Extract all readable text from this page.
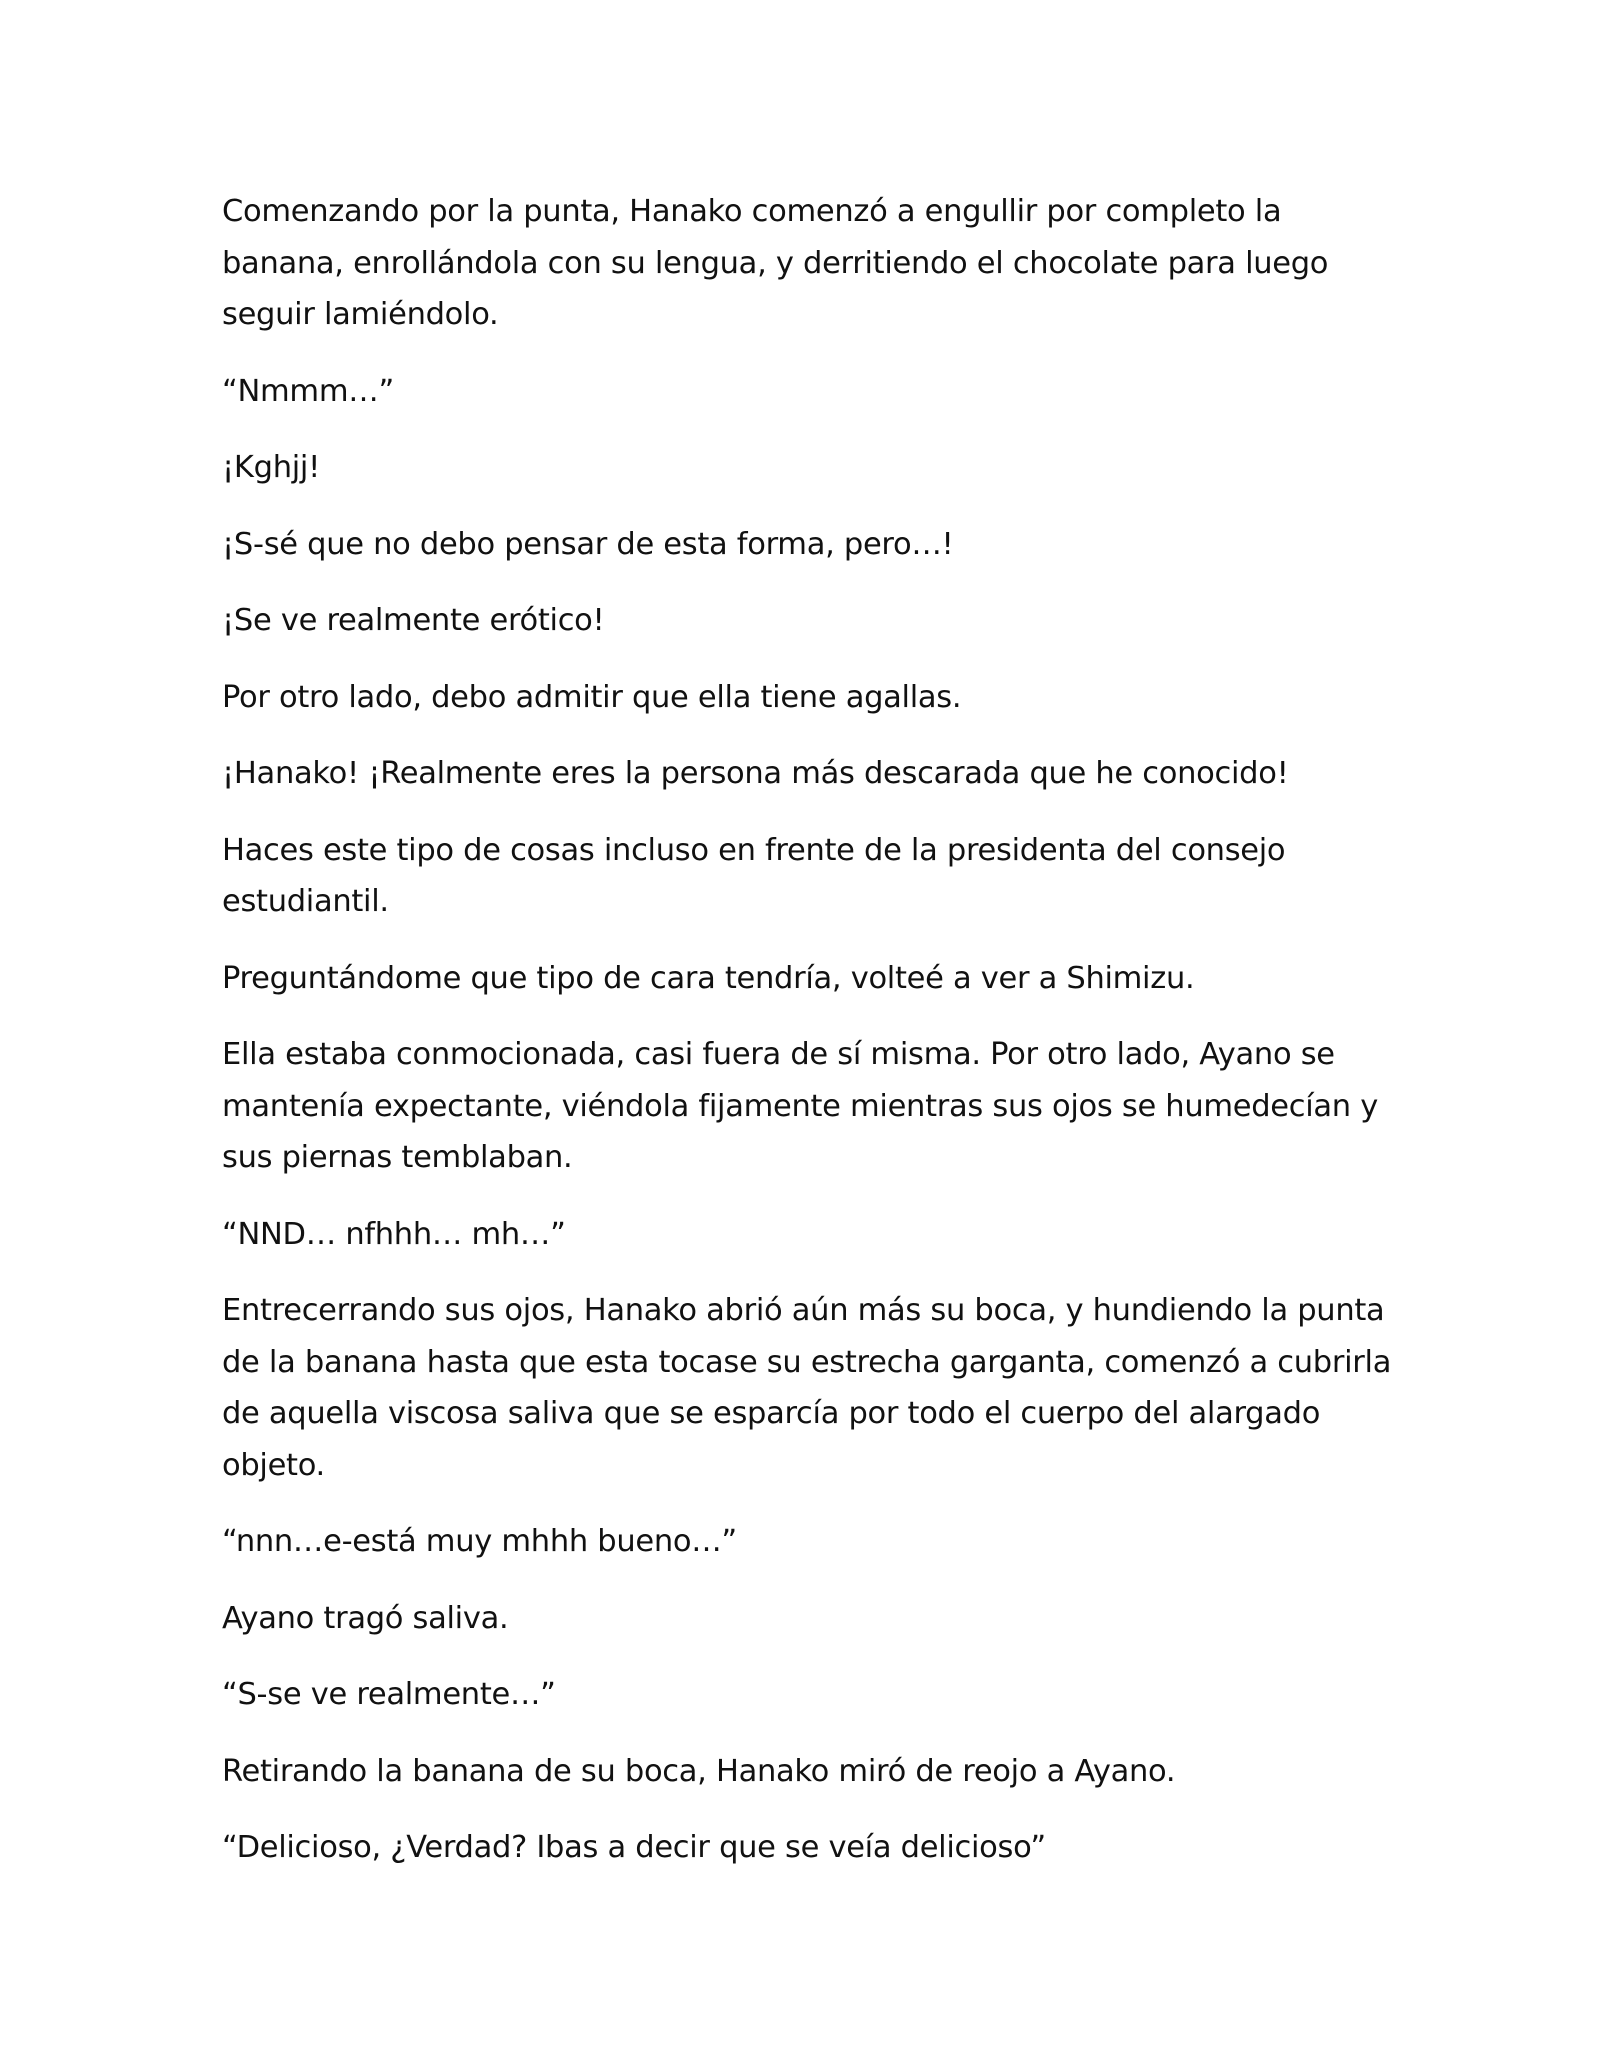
Comenzando por la punta, Hanako comenzó a engullir por completo la banana, enrollándola con su lengua, y derritiendo el chocolate para luego seguir lamiéndolo.

“Nmmm…”

¡Kghjj!

¡S-sé que no debo pensar de esta forma, pero…!

¡Se ve realmente erótico!

Por otro lado, debo admitir que ella tiene agallas.

¡Hanako! ¡Realmente eres la persona más descarada que he conocido!

Haces este tipo de cosas incluso en frente de la presidenta del consejo estudiantil.

Preguntándome que tipo de cara tendría, volteé a ver a Shimizu.

Ella estaba conmocionada, casi fuera de sí misma. Por otro lado, Ayano se mantenía expectante, viéndola fijamente mientras sus ojos se humedecían y sus piernas temblaban.

“NND… nfhhh… mh…”

Entrecerrando sus ojos, Hanako abrió aún más su boca, y hundiendo la punta de la banana hasta que esta tocase su estrecha garganta, comenzó a cubrirla de aquella viscosa saliva que se esparcía por todo el cuerpo del alargado objeto.

“nnn…e-está muy mhhh bueno…”

Ayano tragó saliva.

“S-se ve realmente…”

Retirando la banana de su boca, Hanako miró de reojo a Ayano.

“Delicioso, ¿Verdad? Ibas a decir que se veía delicioso”
